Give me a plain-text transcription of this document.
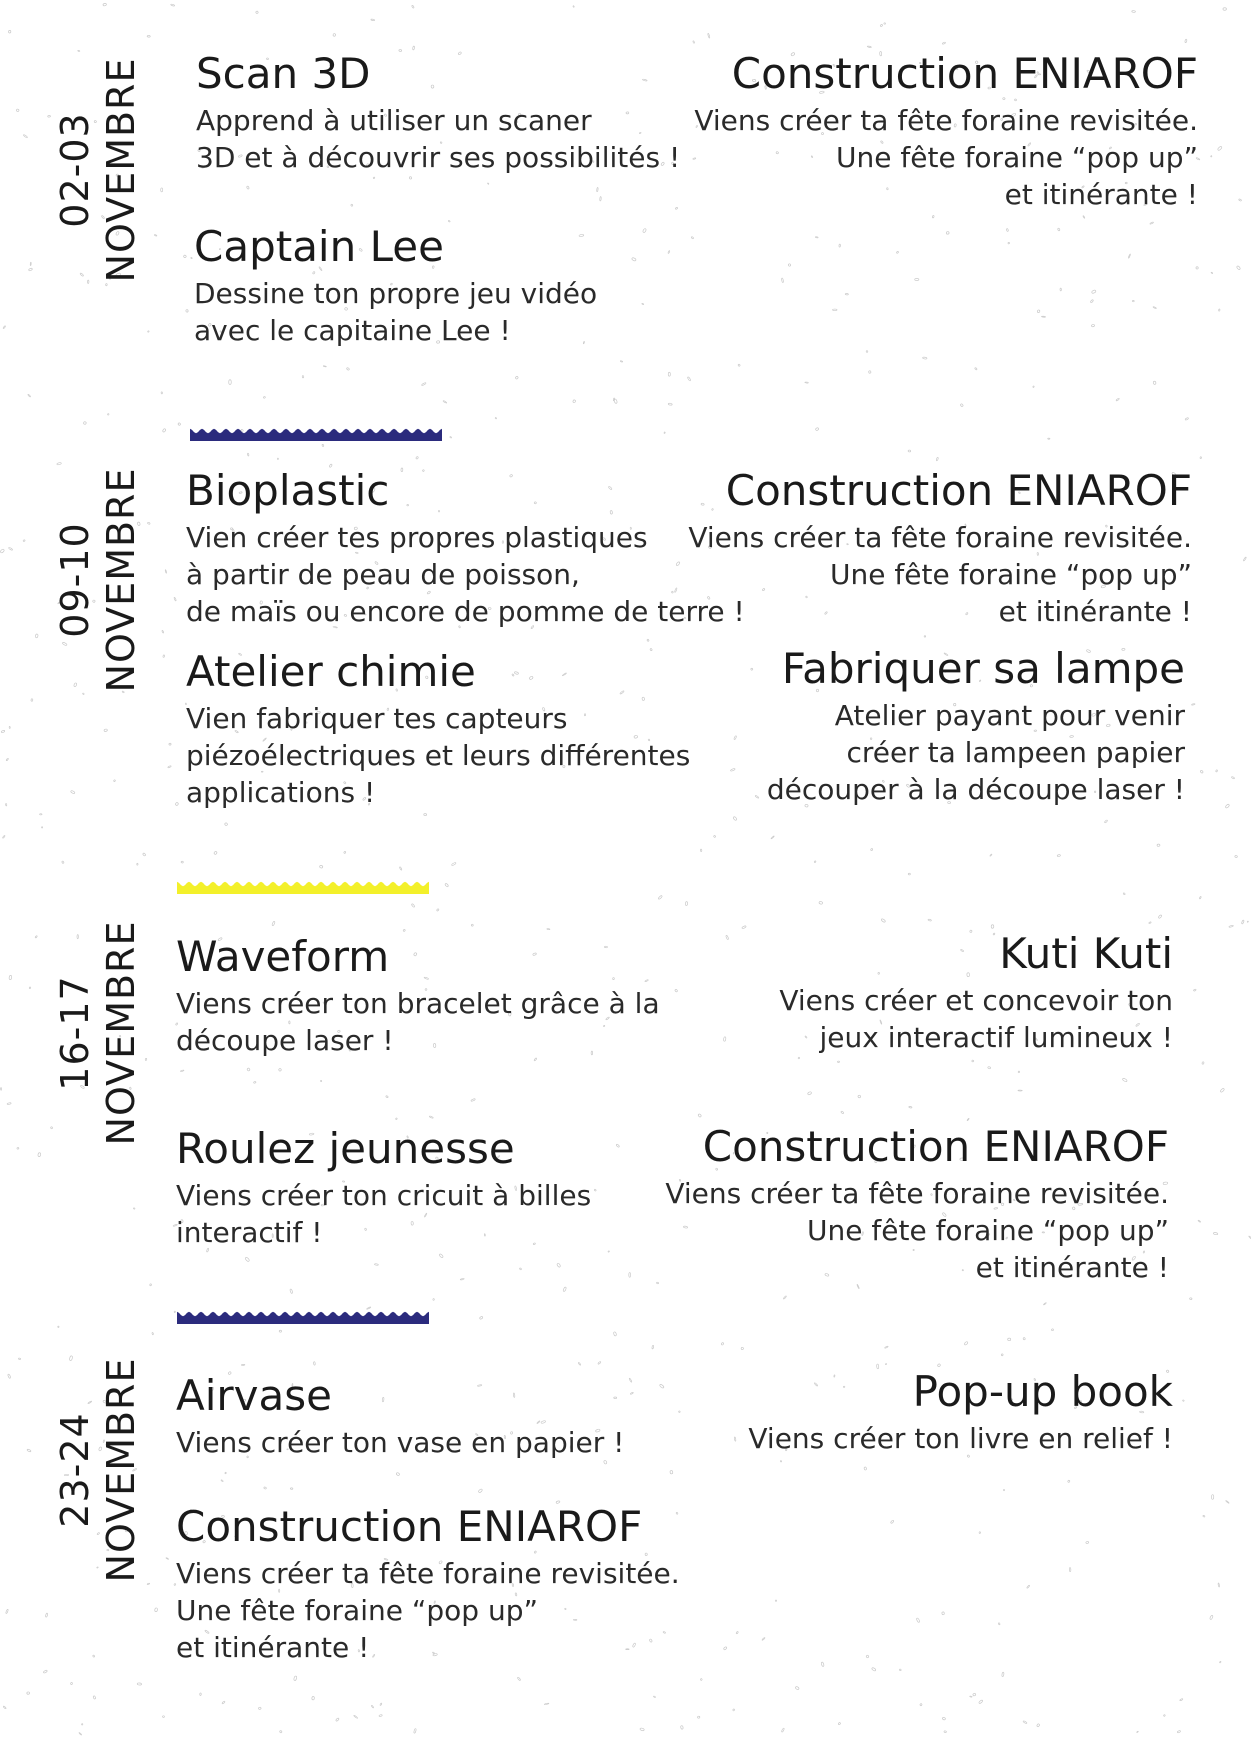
02-03 NOVEMBRE Scan 3D
Apprend à utiliser un scaner
3D et à découvrir ses possibilités !
Construction ENIAROF
Viens créer ta fête foraine revisitée.
Une fête foraine “pop up”
et itinérante !
Captain Lee
Dessine ton propre jeu vidéo
avec le capitaine Lee !
09-10 NOVEMBRE Bioplastic
Vien créer tes propres plastiques
à partir de peau de poisson,
de maïs ou encore de pomme de terre !
Construction ENIAROF
Viens créer ta fête foraine revisitée.
Une fête foraine “pop up”
et itinérante !
Atelier chimie
Vien fabriquer tes capteurs
piézoélectriques et leurs différentes
applications !
Fabriquer sa lampe
Atelier payant pour venir
créer ta lampeen papier
découper à la découpe laser !
16-17 NOVEMBRE Waveform
Viens créer ton bracelet grâce à la
découpe laser !
Kuti Kuti
Viens créer et concevoir ton
jeux interactif lumineux !
Roulez jeunesse
Viens créer ton cricuit à billes
interactif !
Construction ENIAROF
Viens créer ta fête foraine revisitée.
Une fête foraine “pop up”
et itinérante !
23-24 NOVEMBRE Airvase
Viens créer ton vase en papier !
Pop-up book
Viens créer ton livre en relief !
Construction ENIAROF
Viens créer ta fête foraine revisitée.
Une fête foraine “pop up”
et itinérante !
